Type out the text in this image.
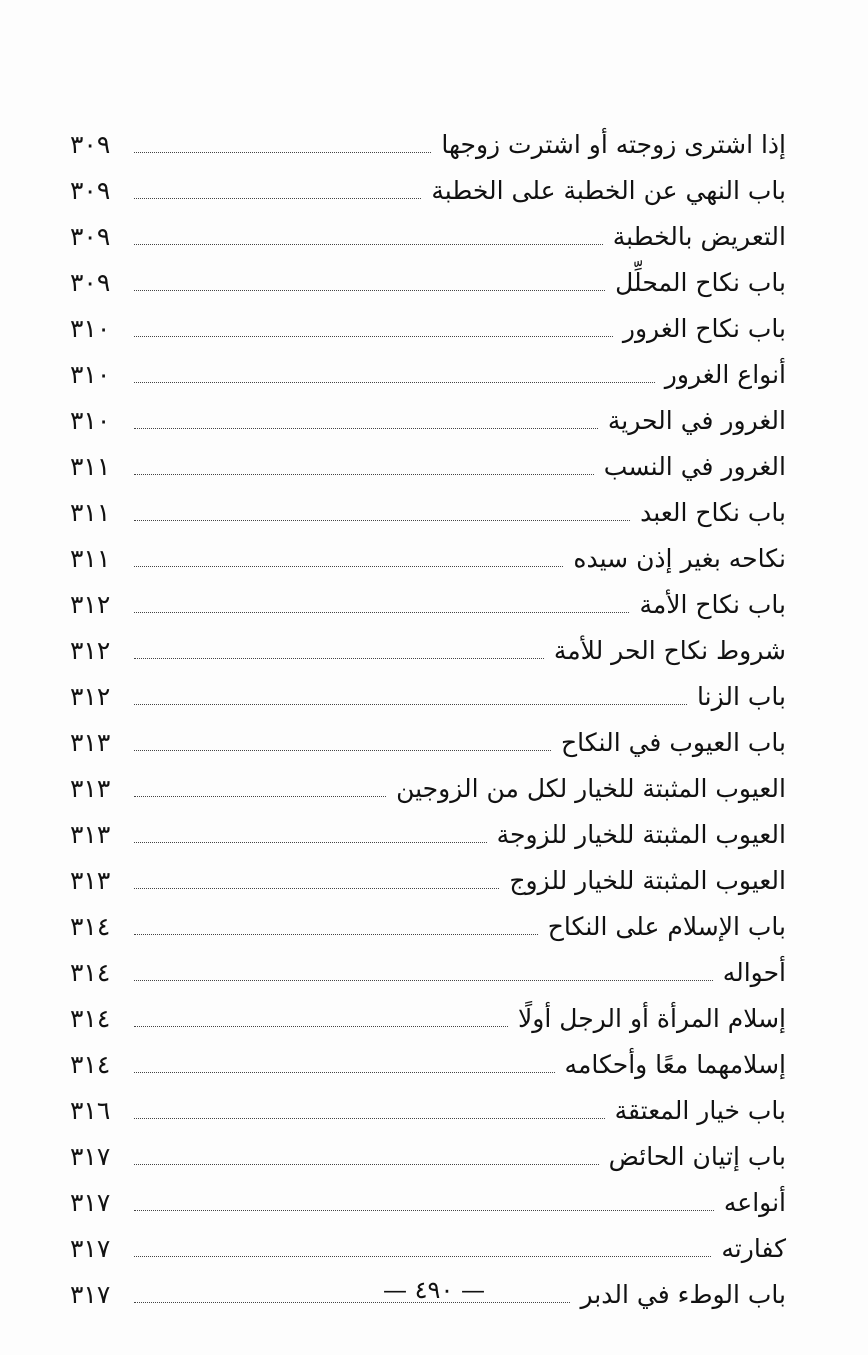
إذا اشترى زوجته أو اشترت زوجها
٣٠٩
باب النهي عن الخطبة على الخطبة
٣٠٩
التعريض بالخطبة
٣٠٩
باب نكاح المحلِّل
٣٠٩
باب نكاح الغرور
٣١٠
أنواع الغرور
٣١٠
الغرور في الحرية
٣١٠
الغرور في النسب
٣١١
باب نكاح العبد
٣١١
نكاحه بغير إذن سيده
٣١١
باب نكاح الأمة
٣١٢
شروط نكاح الحر للأمة
٣١٢
باب الزنا
٣١٢
باب العيوب في النكاح
٣١٣
العيوب المثبتة للخيار لكل من الزوجين
٣١٣
العيوب المثبتة للخيار للزوجة
٣١٣
العيوب المثبتة للخيار للزوج
٣١٣
باب الإسلام على النكاح
٣١٤
أحواله
٣١٤
إسلام المرأة أو الرجل أولًا
٣١٤
إسلامهما معًا وأحكامه
٣١٤
باب خيار المعتقة
٣١٦
باب إتيان الحائض
٣١٧
أنواعه
٣١٧
كفارته
٣١٧
باب الوطء في الدبر
٣١٧	— ٤٩٠ —
